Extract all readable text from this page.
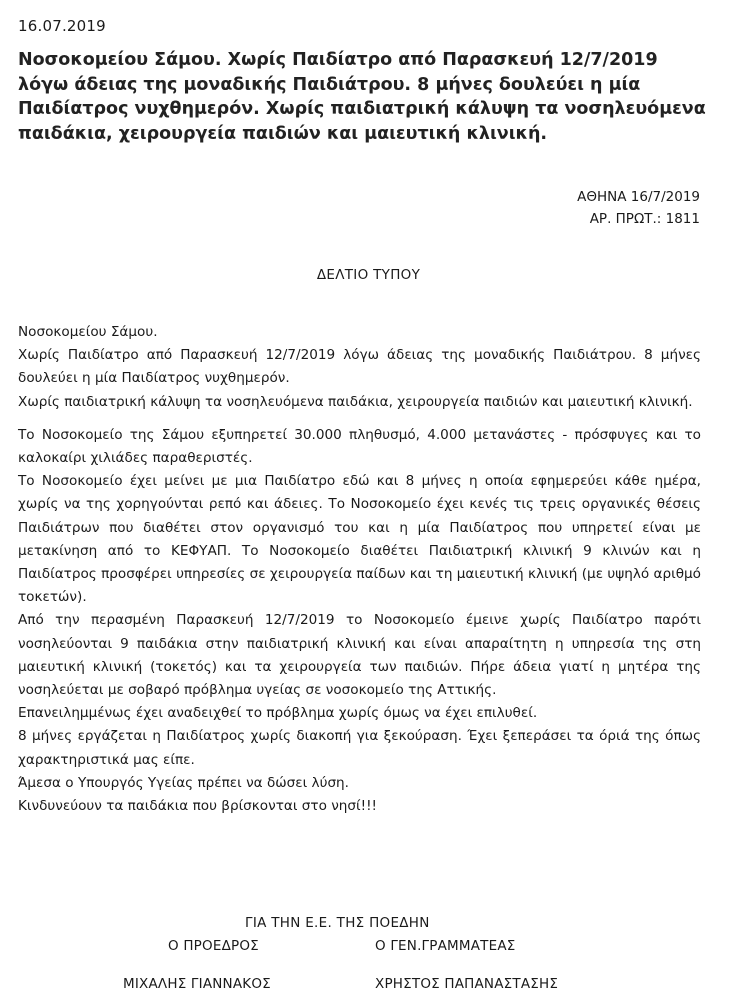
16.07.2019
Νοσοκομείου Σάμου. Χωρίς Παιδίατρο από Παρασκευή 12/7/2019 λόγω άδειας της μοναδικής Παιδιάτρου. 8 μήνες δουλεύει η μία Παιδίατρος νυχθημερόν. Χωρίς παιδιατρική κάλυψη τα νοσηλευόμενα παιδάκια, χειρουργεία παιδιών και μαιευτική κλινική.
ΑΘΗΝΑ 16/7/2019
ΑΡ. ΠΡΩΤ.: 1811
ΔΕΛΤΙΟ ΤΥΠΟΥ

Νοσοκομείου Σάμου.

Χωρίς Παιδίατρο από Παρασκευή 12/7/2019 λόγω άδειας της μοναδικής Παιδιάτρου. 8 μήνες δουλεύει η μία Παιδίατρος νυχθημερόν.

Χωρίς παιδιατρική κάλυψη τα νοσηλευόμενα παιδάκια, χειρουργεία παιδιών και μαιευτική κλινική.

Το Νοσοκομείο της Σάμου εξυπηρετεί 30.000 πληθυσμό, 4.000 μετανάστες - πρόσφυγες και το καλοκαίρι χιλιάδες παραθεριστές.

Το Νοσοκομείο έχει μείνει με μια Παιδίατρο εδώ και 8 μήνες η οποία εφημερεύει κάθε ημέρα, χωρίς να της χορηγούνται ρεπό και άδειες. Το Νοσοκομείο έχει κενές τις τρεις οργανικές θέσεις Παιδιάτρων που διαθέτει στον οργανισμό του και η μία Παιδίατρος που υπηρετεί είναι με μετακίνηση από το ΚΕΦΥΑΠ. Το Νοσοκομείο διαθέτει Παιδιατρική κλινική 9 κλινών και η Παιδίατρος προσφέρει υπηρεσίες σε χειρουργεία παίδων και τη μαιευτική κλινική (με υψηλό αριθμό τοκετών).

Από την περασμένη Παρασκευή 12/7/2019 το Νοσοκομείο έμεινε χωρίς Παιδίατρο παρότι νοσηλεύονται 9 παιδάκια στην παιδιατρική κλινική και είναι απαραίτητη η υπηρεσία της στη μαιευτική κλινική (τοκετός) και τα χειρουργεία των παιδιών. Πήρε άδεια γιατί η μητέρα της νοσηλεύεται με σοβαρό πρόβλημα υγείας σε νοσοκομείο της Αττικής.

Επανειλημμένως έχει αναδειχθεί το πρόβλημα χωρίς όμως να έχει επιλυθεί.

8 μήνες εργάζεται η Παιδίατρος χωρίς διακοπή για ξεκούραση. Έχει ξεπεράσει τα όριά της όπως χαρακτηριστικά μας είπε.

Άμεσα ο Υπουργός Υγείας πρέπει να δώσει λύση.

Κινδυνεύουν τα παιδάκια που βρίσκονται στο νησί!!!

ΓΙΑ ΤΗΝ Ε.Ε. ΤΗΣ ΠΟΕΔΗΝ
Ο ΠΡΟΕΔΡΟΣ	Ο ΓΕΝ.ΓΡΑΜΜΑΤΕΑΣ
ΜΙΧΑΛΗΣ ΓΙΑΝΝΑΚΟΣ	ΧΡΗΣΤΟΣ ΠΑΠΑΝΑΣΤΑΣΗΣ
